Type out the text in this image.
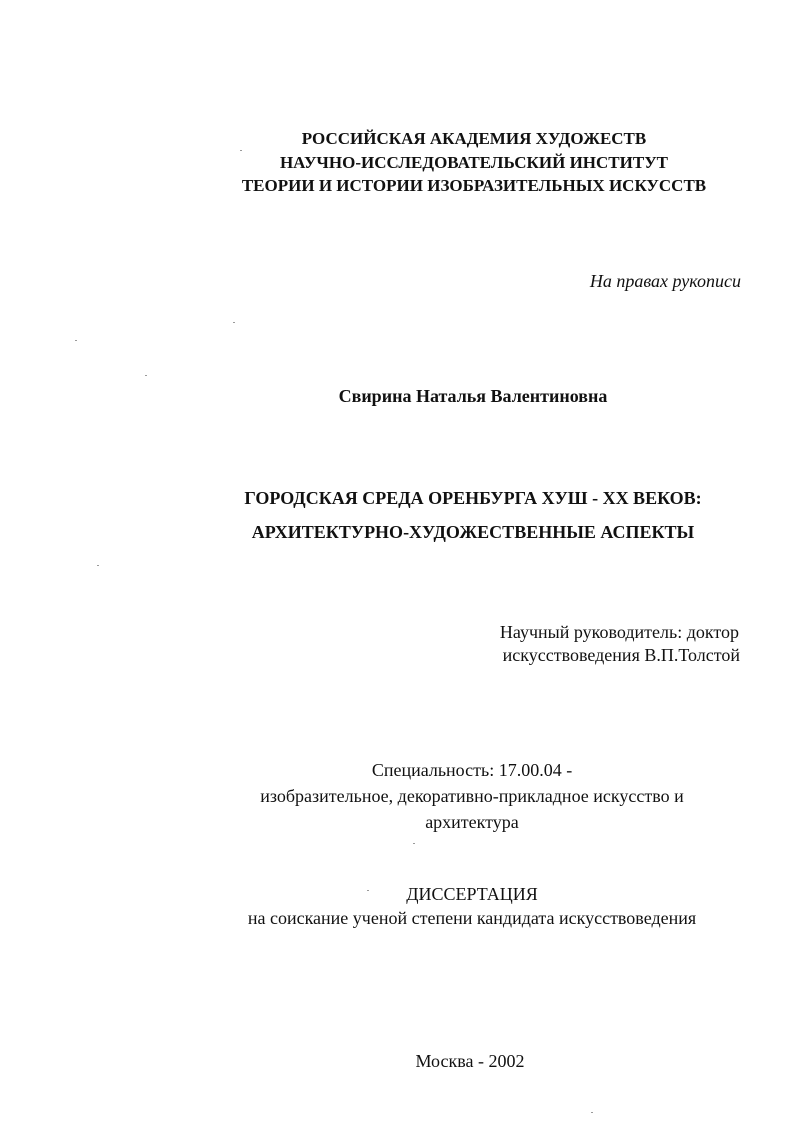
РОССИЙСКАЯ АКАДЕМИЯ ХУДОЖЕСТВ

НАУЧНО-ИССЛЕДОВАТЕЛЬСКИЙ ИНСТИТУТ

ТЕОРИИ И ИСТОРИИ ИЗОБРАЗИТЕЛЬНЫХ ИСКУССТВ

На правах рукописи

Свирина Наталья Валентиновна

ГОРОДСКАЯ СРЕДА ОРЕНБУРГА ХУШ - XX ВЕКОВ:

АРХИТЕКТУРНО-ХУДОЖЕСТВЕННЫЕ АСПЕКТЫ

Научный руководитель: доктор

искусствоведения В.П.Толстой

Специальность: 17.00.04 -

изобразительное, декоративно-прикладное искусство и

архитектура

ДИССЕРТАЦИЯ

на соискание ученой степени кандидата искусствоведения

Москва - 2002
